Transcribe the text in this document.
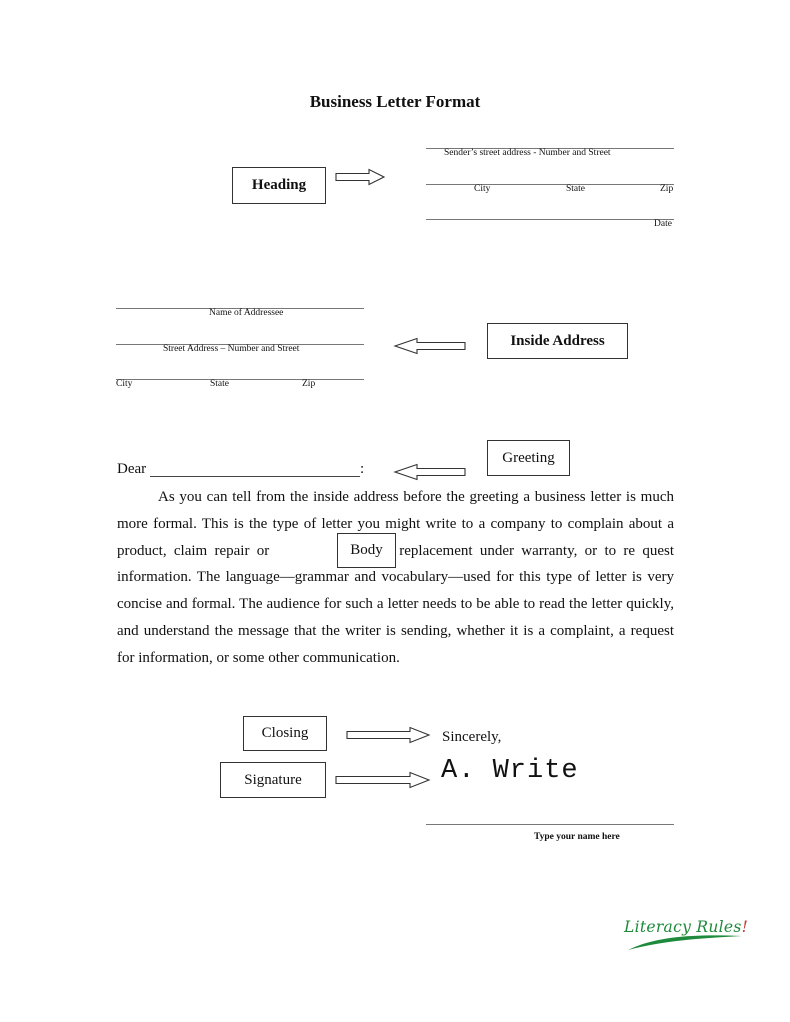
Business Letter Format
Heading
Sender’s street address - Number and Street
City	State	Zip
Date
Name of Addressee
Street Address – Number and Street
City	State	Zip
Inside Address
Dear	:
Greeting

As you can tell from the inside address before the greeting a business letter is much more formal. This is the type of letter you might write to a company to complain about a product, claim repair or	replacement under warranty, or to re quest information. The language—grammar and vocabulary—used for this type of letter is very concise and formal. The audience for such a letter needs to be able to read the letter quickly, and understand the message that the writer is sending, whether it is a complaint, a request for information, or some other communication.

Body
Closing	Sincerely,
Signature	A. Write
Type your name here
Literacy Rules!
